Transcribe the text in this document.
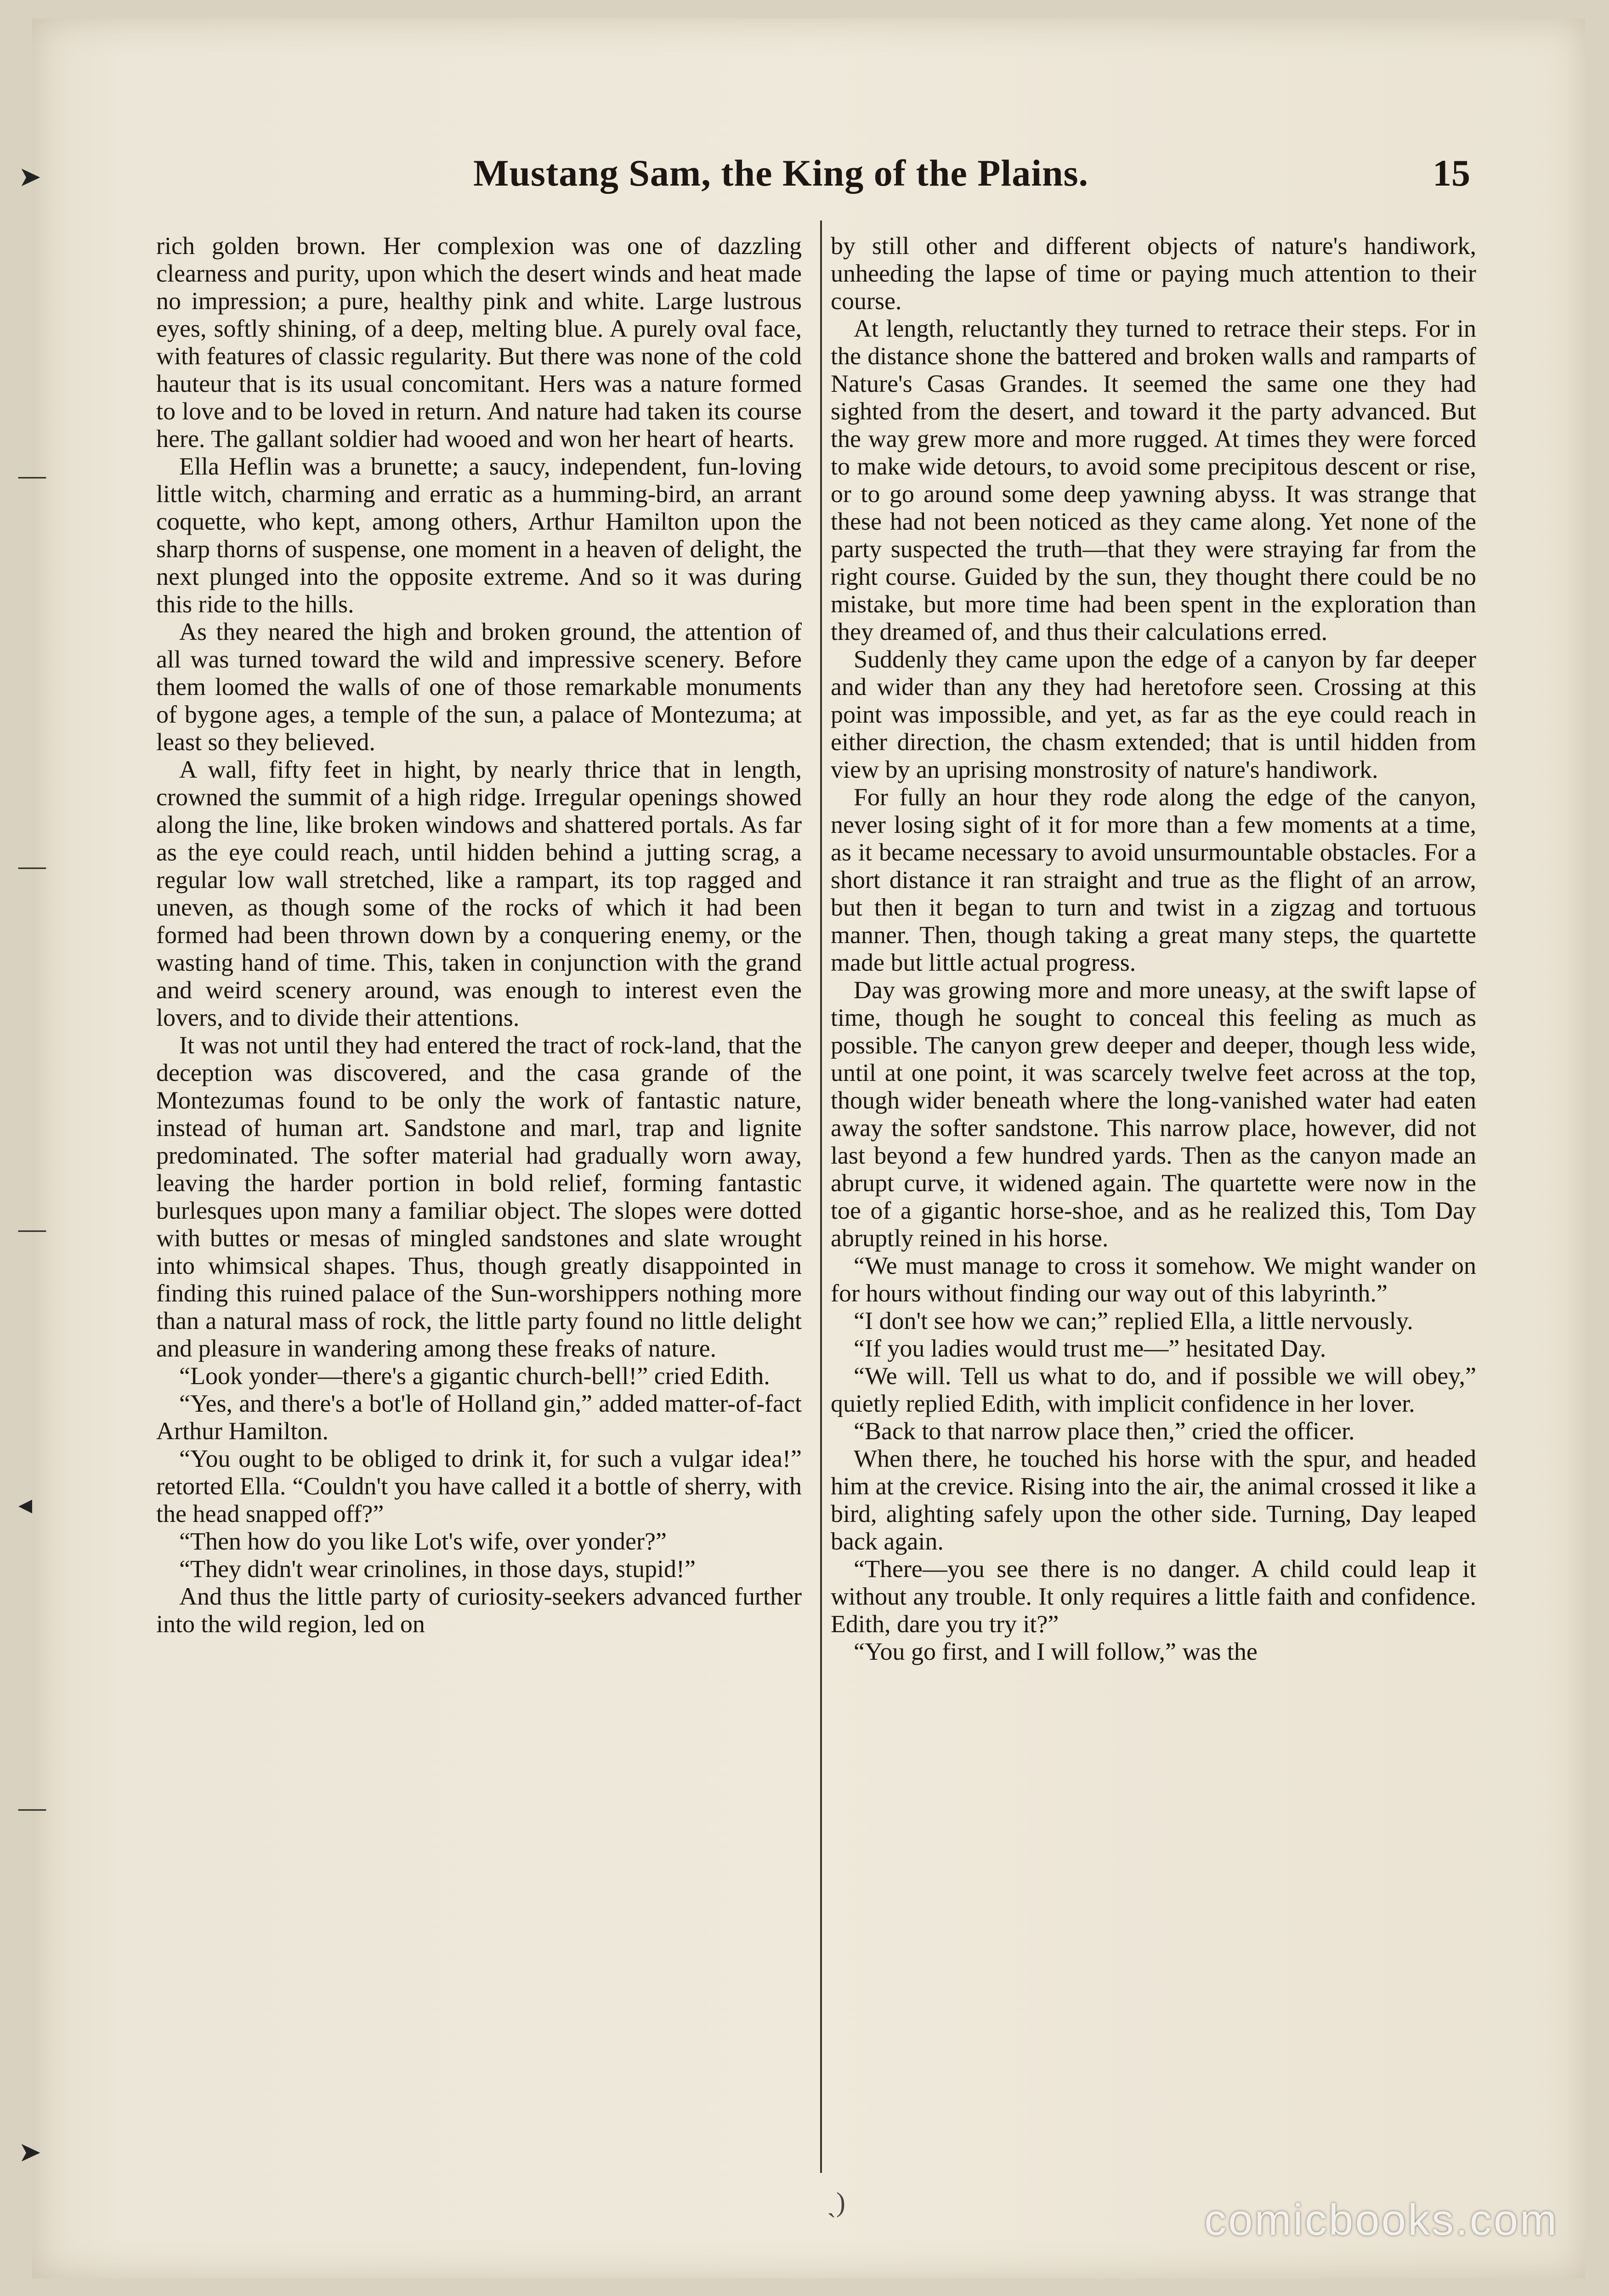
➤
—
—
—
◂
—
➤
Mustang Sam, the King of the Plains.	15

rich golden brown. Her complexion was one of dazzling clearness and purity, upon which the desert winds and heat made no impression; a pure, healthy pink and white. Large lustrous eyes, softly shining, of a deep, melting blue. A purely oval face, with features of classic regularity. But there was none of the cold hauteur that is its usual concomitant. Hers was a nature formed to love and to be loved in return. And nature had taken its course here. The gallant soldier had wooed and won her heart of hearts.

Ella Heflin was a brunette; a saucy, independent, fun-loving little witch, charming and erratic as a humming-bird, an arrant coquette, who kept, among others, Arthur Hamilton upon the sharp thorns of suspense, one moment in a heaven of delight, the next plunged into the opposite extreme. And so it was during this ride to the hills.

As they neared the high and broken ground, the attention of all was turned toward the wild and impressive scenery. Before them loomed the walls of one of those remarkable monuments of bygone ages, a temple of the sun, a palace of Montezuma; at least so they believed.

A wall, fifty feet in hight, by nearly thrice that in length, crowned the summit of a high ridge. Irregular openings showed along the line, like broken windows and shattered portals. As far as the eye could reach, until hidden behind a jutting scrag, a regular low wall stretched, like a rampart, its top ragged and uneven, as though some of the rocks of which it had been formed had been thrown down by a conquering enemy, or the wasting hand of time. This, taken in conjunction with the grand and weird scenery around, was enough to interest even the lovers, and to divide their attentions.

It was not until they had entered the tract of rock-land, that the deception was discovered, and the casa grande of the Montezumas found to be only the work of fantastic nature, instead of human art. Sandstone and marl, trap and lignite predominated. The softer material had gradually worn away, leaving the harder portion in bold relief, forming fantastic burlesques upon many a familiar object. The slopes were dotted with buttes or mesas of mingled sandstones and slate wrought into whimsical shapes. Thus, though greatly disappointed in finding this ruined palace of the Sun-worshippers nothing more than a natural mass of rock, the little party found no little delight and pleasure in wandering among these freaks of nature.

“Look yonder—there's a gigantic church-bell!” cried Edith.

“Yes, and there's a bot'le of Holland gin,” added matter-of-fact Arthur Hamilton.

“You ought to be obliged to drink it, for such a vulgar idea!” retorted Ella. “Couldn't you have called it a bottle of sherry, with the head snapped off?”

“Then how do you like Lot's wife, over yonder?”

“They didn't wear crinolines, in those days, stupid!”

And thus the little party of curiosity-seekers advanced further into the wild region, led on

by still other and different objects of nature's handiwork, unheeding the lapse of time or paying much attention to their course.

At length, reluctantly they turned to retrace their steps. For in the distance shone the battered and broken walls and ramparts of Nature's Casas Grandes. It seemed the same one they had sighted from the desert, and toward it the party advanced. But the way grew more and more rugged. At times they were forced to make wide detours, to avoid some precipitous descent or rise, or to go around some deep yawning abyss. It was strange that these had not been noticed as they came along. Yet none of the party suspected the truth—that they were straying far from the right course. Guided by the sun, they thought there could be no mistake, but more time had been spent in the exploration than they dreamed of, and thus their calculations erred.

Suddenly they came upon the edge of a canyon by far deeper and wider than any they had heretofore seen. Crossing at this point was impossible, and yet, as far as the eye could reach in either direction, the chasm extended; that is until hidden from view by an uprising monstrosity of nature's handiwork.

For fully an hour they rode along the edge of the canyon, never losing sight of it for more than a few moments at a time, as it became necessary to avoid unsurmountable obstacles. For a short distance it ran straight and true as the flight of an arrow, but then it began to turn and twist in a zigzag and tortuous manner. Then, though taking a great many steps, the quartette made but little actual progress.

Day was growing more and more uneasy, at the swift lapse of time, though he sought to conceal this feeling as much as possible. The canyon grew deeper and deeper, though less wide, until at one point, it was scarcely twelve feet across at the top, though wider beneath where the long-vanished water had eaten away the softer sandstone. This narrow place, however, did not last beyond a few hundred yards. Then as the canyon made an abrupt curve, it widened again. The quartette were now in the toe of a gigantic horse-shoe, and as he realized this, Tom Day abruptly reined in his horse.

“We must manage to cross it somehow. We might wander on for hours without finding our way out of this labyrinth.”

“I don't see how we can;” replied Ella, a little nervously.

“If you ladies would trust me—” hesitated Day.

“We will. Tell us what to do, and if possible we will obey,” quietly replied Edith, with implicit confidence in her lover.

“Back to that narrow place then,” cried the officer.

When there, he touched his horse with the spur, and headed him at the crevice. Rising into the air, the animal crossed it like a bird, alighting safely upon the other side. Turning, Day leaped back again.

“There—you see there is no danger. A child could leap it without any trouble. It only requires a little faith and confidence. Edith, dare you try it?”

“You go first, and I will follow,” was the

ˏ)	comicbooks.com
